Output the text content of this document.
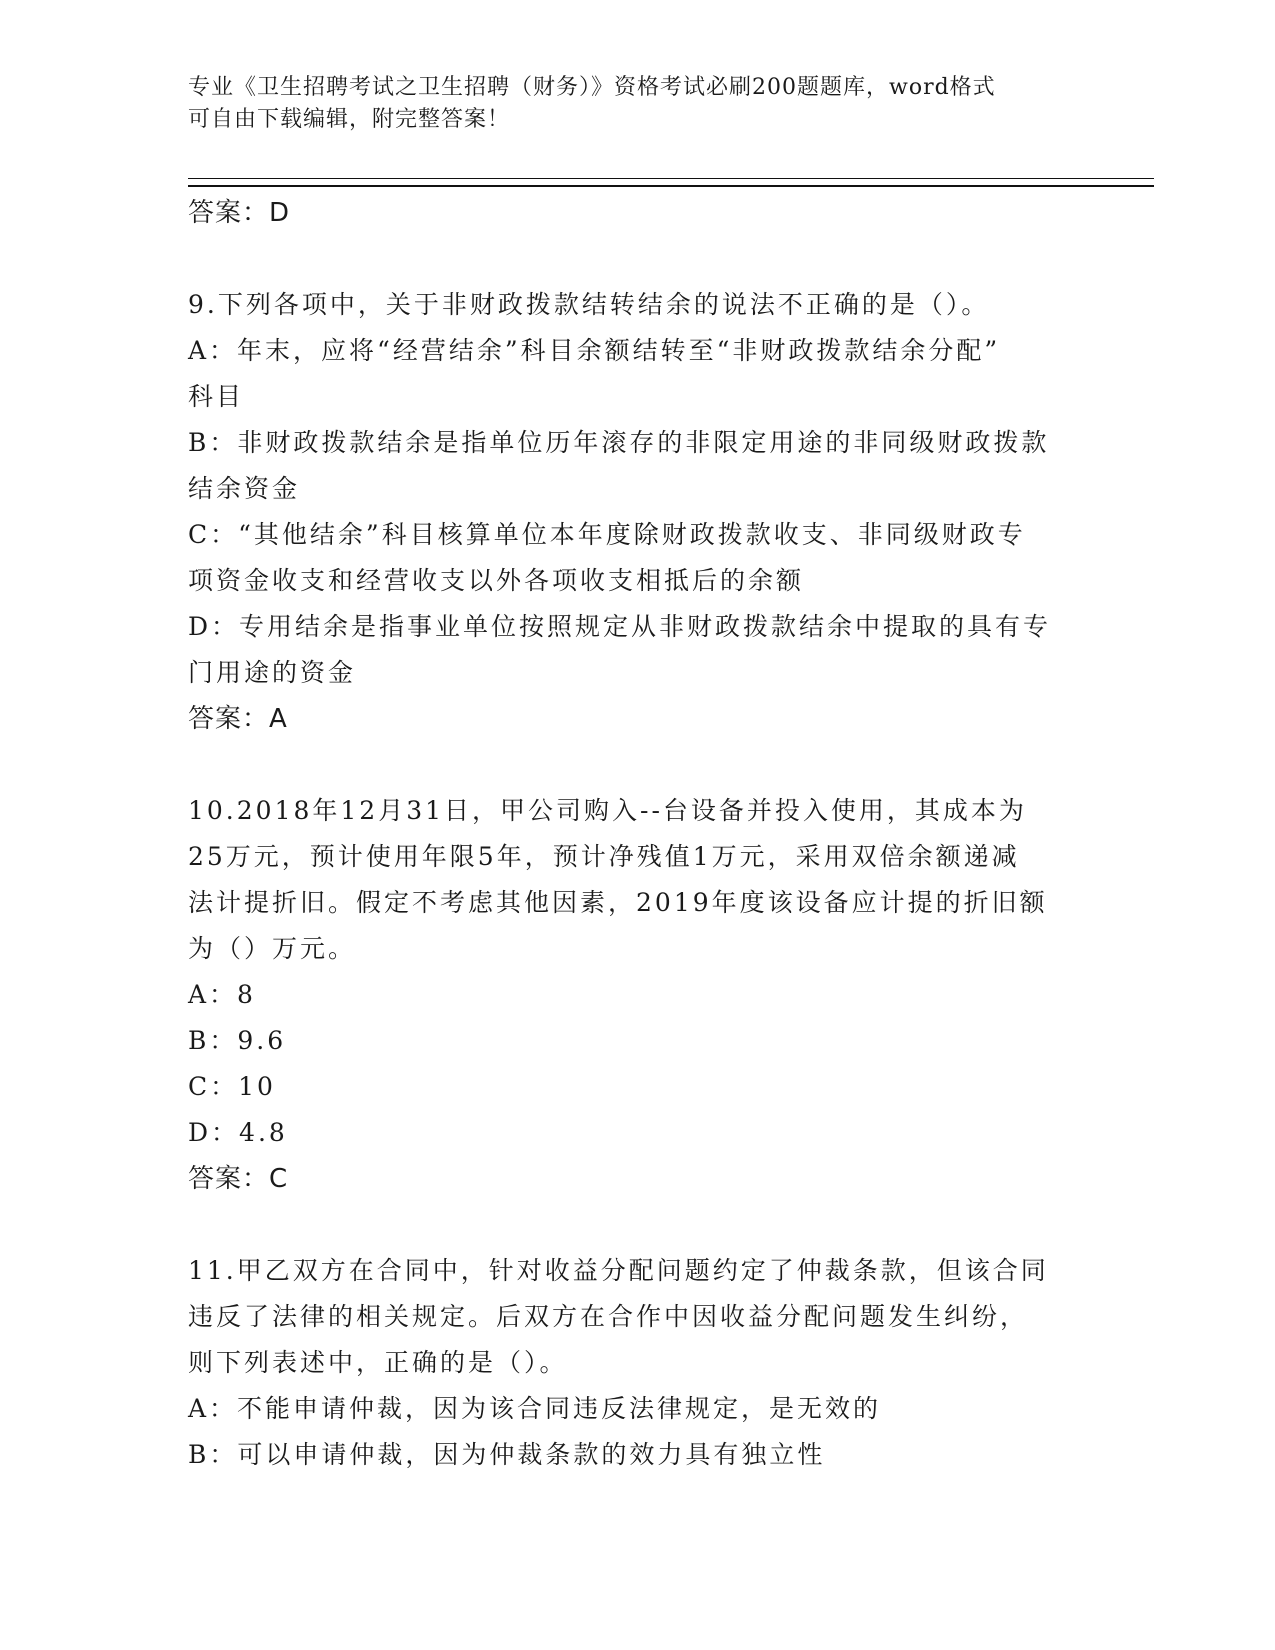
专业《卫生招聘考试之卫生招聘（财务）》资格考试必刷200题题库，word格式
可自由下载编辑，附完整答案！
答案：D
9.下列各项中，关于非财政拨款结转结余的说法不正确的是（）。
A：年末，应将“经营结余”科目余额结转至“非财政拨款结余分配”
科目
B：非财政拨款结余是指单位历年滚存的非限定用途的非同级财政拨款
结余资金
C：“其他结余”科目核算单位本年度除财政拨款收支、非同级财政专
项资金收支和经营收支以外各项收支相抵后的余额
D：专用结余是指事业单位按照规定从非财政拨款结余中提取的具有专
门用途的资金
答案：A
10.2018年12月31日，甲公司购入--台设备并投入使用，其成本为
25万元，预计使用年限5年，预计净残值1万元，采用双倍余额递减
法计提折旧。假定不考虑其他因素，2019年度该设备应计提的折旧额
为（）万元。
A：8
B：9.6
C：10
D：4.8
答案：C
11.甲乙双方在合同中，针对收益分配问题约定了仲裁条款，但该合同
违反了法律的相关规定。后双方在合作中因收益分配问题发生纠纷，
则下列表述中，正确的是（）。
A：不能申请仲裁，因为该合同违反法律规定，是无效的
B：可以申请仲裁，因为仲裁条款的效力具有独立性
